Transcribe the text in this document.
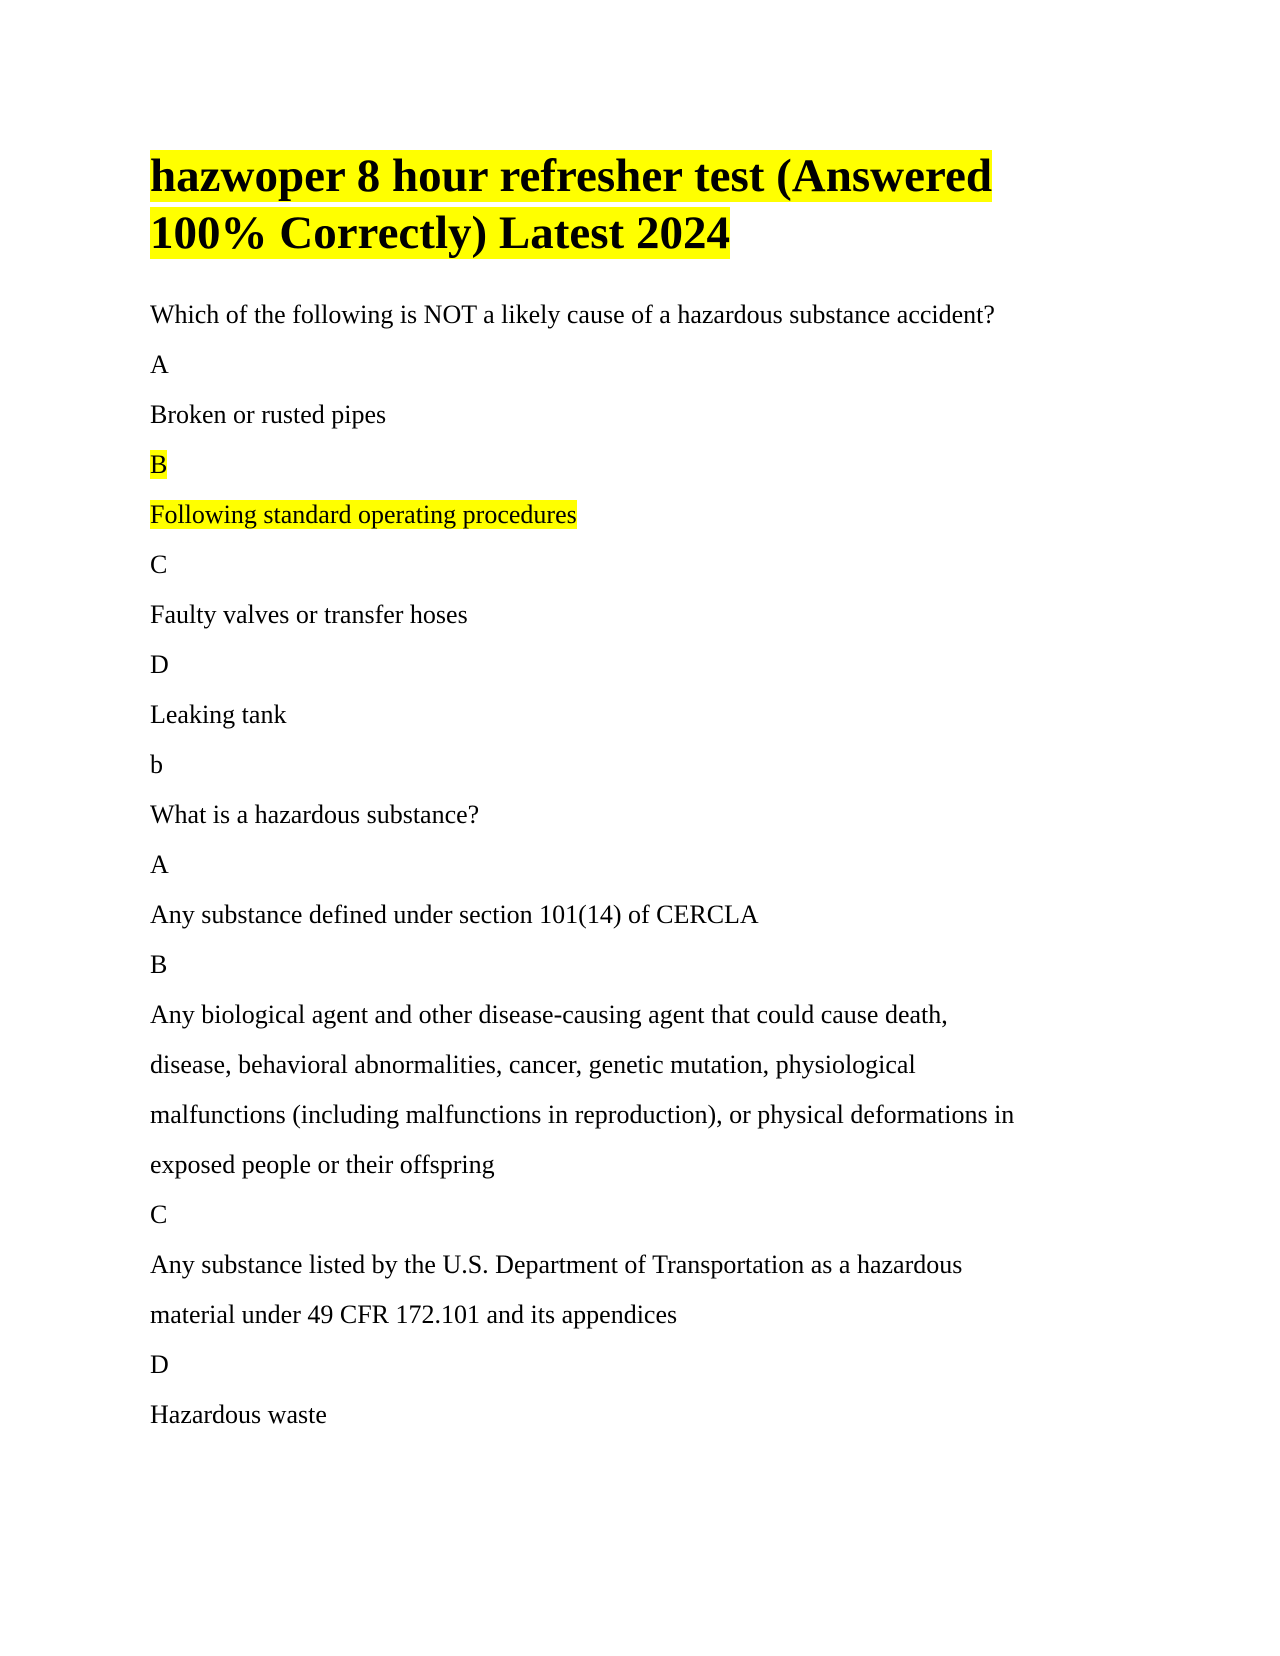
hazwoper 8 hour refresher test (Answered
100% Correctly) Latest 2024

Which of the following is NOT a likely cause of a hazardous substance accident?

A

Broken or rusted pipes

B

Following standard operating procedures

C

Faulty valves or transfer hoses

D

Leaking tank

b

What is a hazardous substance?

A

Any substance defined under section 101(14) of CERCLA

B

Any biological agent and other disease-causing agent that could cause death,

disease, behavioral abnormalities, cancer, genetic mutation, physiological

malfunctions (including malfunctions in reproduction), or physical deformations in

exposed people or their offspring

C

Any substance listed by the U.S. Department of Transportation as a hazardous

material under 49 CFR 172.101 and its appendices

D

Hazardous waste
